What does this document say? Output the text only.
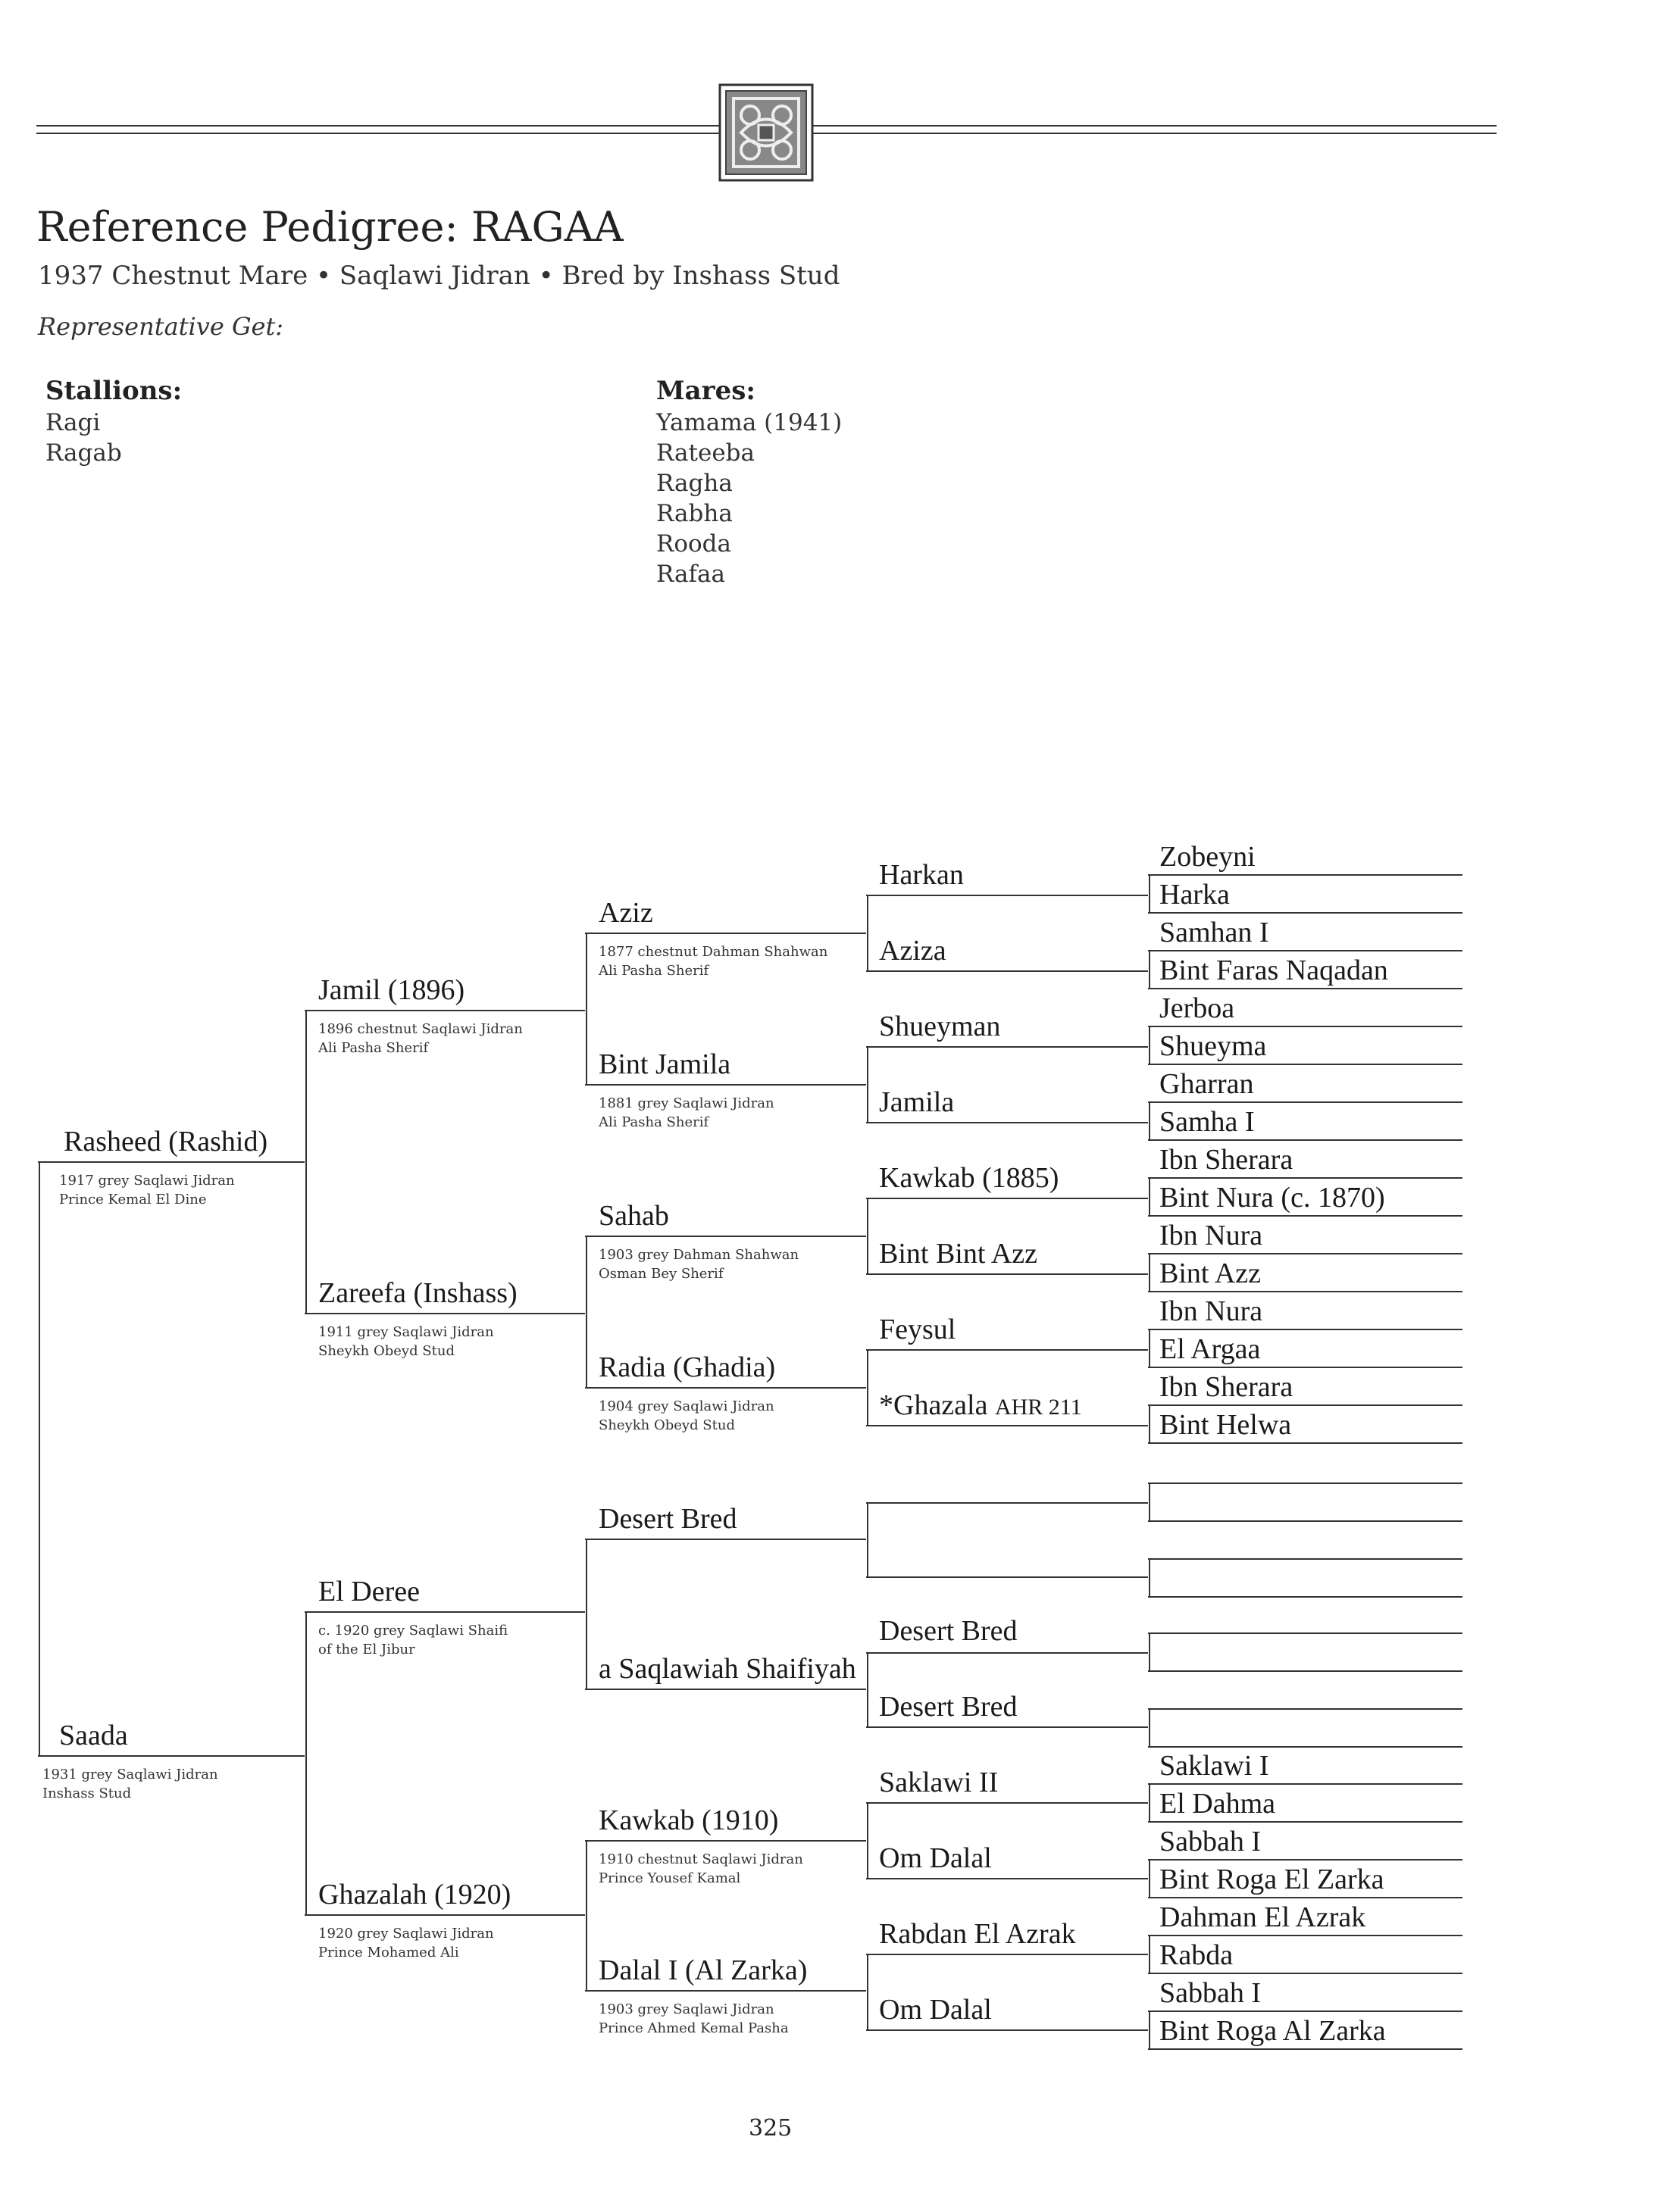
Reference Pedigree: RAGAA
1937 Chestnut Mare • Saqlawi Jidran • Bred by Inshass Stud
Representative Get:
Stallions:
Ragi
Ragab
Mares:
Yamama (1941)
Rateeba
Ragha
Rabha
Rooda
Rafaa
Rasheed (Rashid)
1917 grey Saqlawi Jidran
Prince Kemal El Dine
Saada
1931 grey Saqlawi Jidran
Inshass Stud
Jamil (1896)
1896 chestnut Saqlawi Jidran
Ali Pasha Sherif
Zareefa (Inshass)
1911 grey Saqlawi Jidran
Sheykh Obeyd Stud
El Deree
c. 1920 grey Saqlawi Shaifi
of the El Jibur
Ghazalah (1920)
1920 grey Saqlawi Jidran
Prince Mohamed Ali
Aziz
1877 chestnut Dahman Shahwan
Ali Pasha Sherif
Bint Jamila
1881 grey Saqlawi Jidran
Ali Pasha Sherif
Sahab
1903 grey Dahman Shahwan
Osman Bey Sherif
Radia (Ghadia)
1904 grey Saqlawi Jidran
Sheykh Obeyd Stud
Desert Bred
a Saqlawiah Shaifiyah
Kawkab (1910)
1910 chestnut Saqlawi Jidran
Prince Yousef Kamal
Dalal I (Al Zarka)
1903 grey Saqlawi Jidran
Prince Ahmed Kemal Pasha
Harkan
Aziza
Shueyman
Jamila
Kawkab (1885)
Bint Bint Azz
Feysul
*Ghazala AHR 211
Desert Bred
Desert Bred
Saklawi II
Om Dalal
Rabdan El Azrak
Om Dalal
Zobeyni
Harka
Samhan I
Bint Faras Naqadan
Jerboa
Shueyma
Gharran
Samha I
Ibn Sherara
Bint Nura (c. 1870)
Ibn Nura
Bint Azz
Ibn Nura
El Argaa
Ibn Sherara
Bint Helwa
Saklawi I
El Dahma
Sabbah I
Bint Roga El Zarka
Dahman El Azrak
Rabda
Sabbah I
Bint Roga Al Zarka
325
